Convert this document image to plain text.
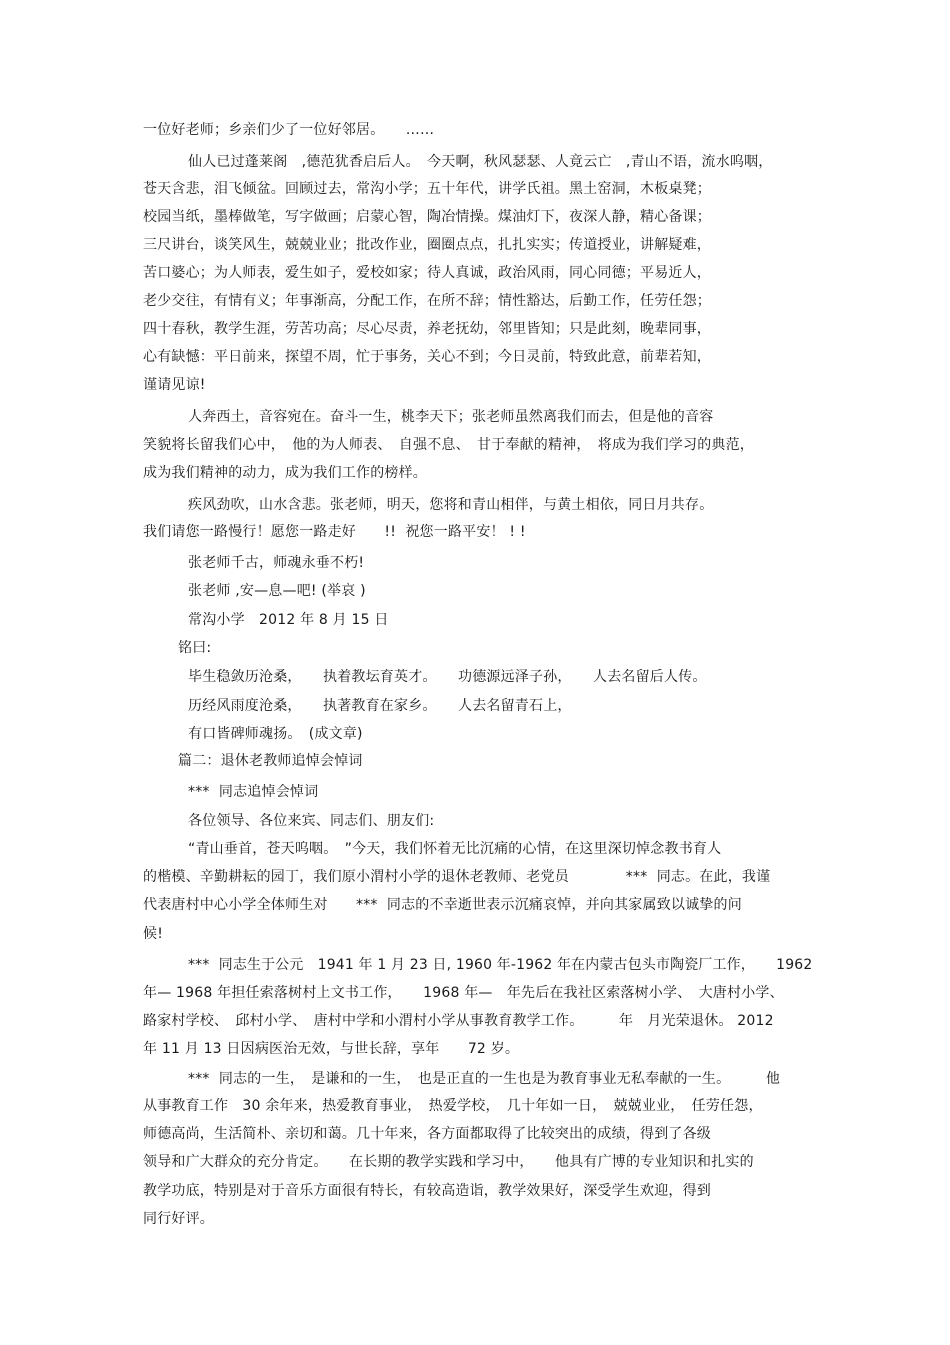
一位好老师；乡亲们少了一位好邻居。　　……
仙人已过蓬莱阁　,德范犹香启后人。　今天啊，秋风瑟瑟、人竟云亡　,青山不语，流水呜咽，
苍天含悲，泪飞倾盆。回顾过去，常沟小学；五十年代，讲学氏祖。黑土窑洞，木板桌凳；
校园当纸，墨棒做笔，写字做画；启蒙心智，陶冶情操。煤油灯下，夜深人静，精心备课；
三尺讲台，谈笑风生，兢兢业业；批改作业，圈圈点点，扎扎实实；传道授业，讲解疑难，
苦口婆心；为人师表，爱生如子，爱校如家；待人真诚，政治风雨，同心同德；平易近人，
老少交往，有情有义；年事渐高，分配工作，在所不辞；情性豁达，后勤工作，任劳任怨；
四十春秋，教学生涯，劳苦功高；尽心尽责，养老抚幼，邻里皆知；只是此刻，晚辈同事，
心有缺憾：平日前来，探望不周，忙于事务，关心不到；今日灵前，特致此意，前辈若知，
谨请见谅!
人奔西土，音容宛在。奋斗一生，桃李天下；张老师虽然离我们而去，但是他的音容
笑貌将长留我们心中，　他的为人师表、　自强不息、　甘于奉献的精神，　将成为我们学习的典范，
成为我们精神的动力，成为我们工作的榜样。
疾风劲吹，山水含悲。张老师，明天，您将和青山相伴，与黄土相依，同日月共存。
我们请您一路慢行！愿您一路走好　　!!  祝您一路平安！ ! !
张老师千古，师魂永垂不朽!
张老师 ,安—息—吧! (举哀 )
常沟小学　2012 年 8 月 15 日
铭曰:
毕生稳敛历沧桑，　　执着教坛育英才。　　功德源远泽子孙，　　人去名留后人传。
历经风雨度沧桑，　　执著教育在家乡。　　人去名留青石上，
有口皆碑师魂扬。　(成文章)
篇二：退休老教师追悼会悼词
***  同志追悼会悼词
各位领导、各位来宾、同志们、朋友们:
“青山垂首，苍天呜咽。　”今天，我们怀着无比沉痛的心情，在这里深切悼念教书育人
的楷模、辛勤耕耘的园丁，我们原小渭村小学的退休老教师、老党员　　　　***  同志。在此，我谨
代表唐村中心小学全体师生对　　***  同志的不幸逝世表示沉痛哀悼，并向其家属致以诚挚的问
候!
***  同志生于公元　1941 年 1 月 23 日, 1960 年-1962 年在内蒙古包头市陶瓷厂工作，　　1962
年— 1968 年担任索落树村上文书工作，　　1968 年—　年先后在我社区索落树小学、　大唐村小学、
路家村学校、　邱村小学、　唐村中学和小渭村小学从事教育教学工作。　　　年　月光荣退休。 2012
年 11 月 13 日因病医治无效，与世长辞，享年　　72 岁。
***  同志的一生，　是谦和的一生，　也是正直的一生也是为教育事业无私奉献的一生。　　　他
从事教育工作　30 余年来，热爱教育事业，　热爱学校，　几十年如一日，　兢兢业业，　任劳任怨，
师德高尚，生活简朴、亲切和蔼。几十年来，各方面都取得了比较突出的成绩，得到了各级
领导和广大群众的充分肯定。　　在长期的教学实践和学习中，　　他具有广博的专业知识和扎实的
教学功底，特别是对于音乐方面很有特长，有较高造诣，教学效果好，深受学生欢迎，得到
同行好评。
